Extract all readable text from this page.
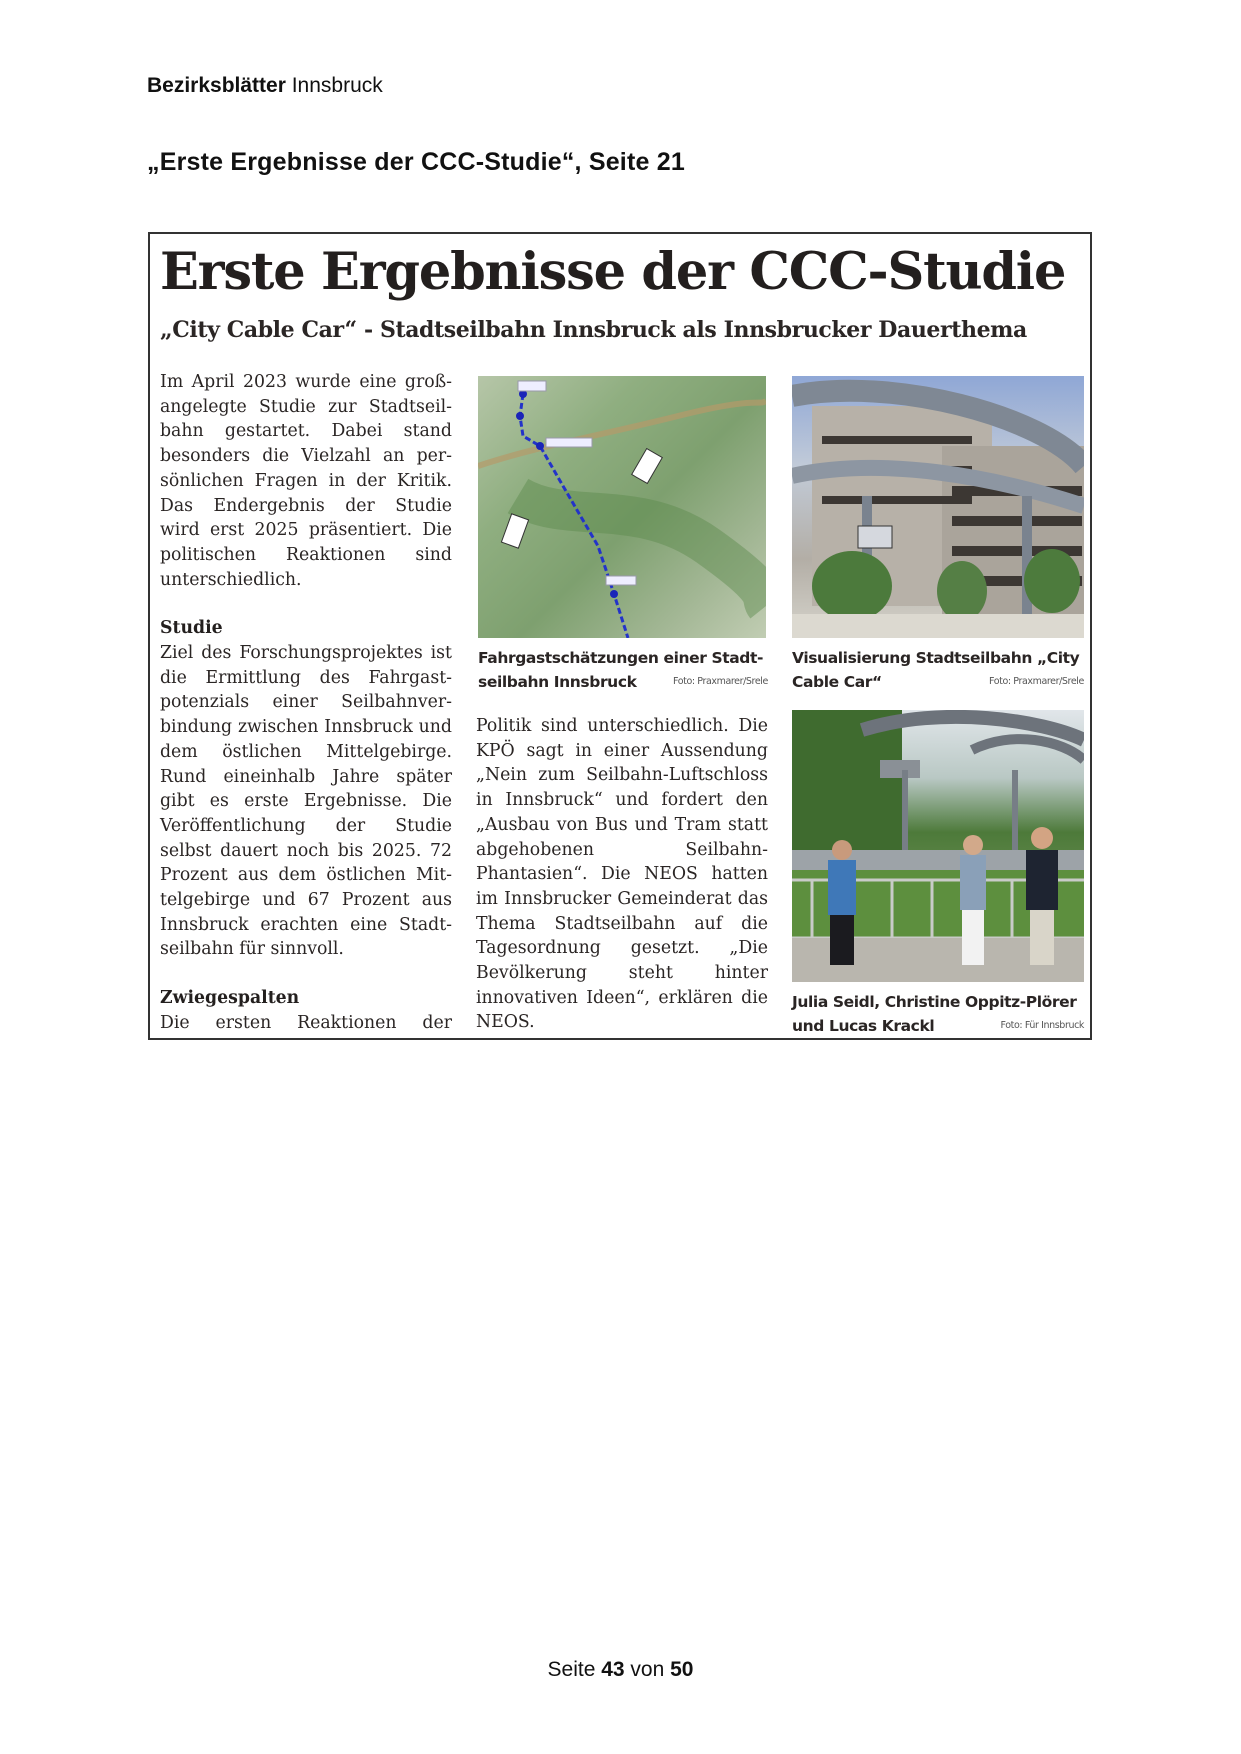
Bezirksblätter Innsbruck
„Erste Ergebnisse der CCC-Studie“, Seite 21
Erste Ergebnisse der CCC-Studie
„City Cable Car“ - Stadtseilbahn Innsbruck als Innsbrucker Dauerthema

Im April 2023 wurde eine großangelegte Studie zur Stadtseilbahn gestartet. Dabei stand besonders die Vielzahl an persönlichen Fragen in der Kritik. Das Endergebnis der Studie wird erst 2025 präsentiert. Die politischen Reaktionen sind unterschiedlich.

Studie

Ziel des Forschungsprojektes ist die Ermittlung des Fahrgastpotenzials einer Seilbahnverbindung zwischen Innsbruck und dem östlichen Mittelgebirge. Rund eineinhalb Jahre später gibt es erste Ergebnisse. Die Veröffentlichung der Studie selbst dauert noch bis 2025. 72 Prozent aus dem östlichen Mittelgebirge und 67 Prozent aus Innsbruck erachten eine Stadtseilbahn für sinnvoll.

Zwiegespalten

Die ersten Reaktionen der

Fahrgastschätzungen einer Stadtseilbahn Innsbruck	Foto: Praxmarer/Srele
Visualisierung Stadtseilbahn „City Cable Car“	Foto: Praxmarer/Srele

Politik sind unterschiedlich. Die KPÖ sagt in einer Aussendung „Nein zum Seilbahn-Luftschloss in Innsbruck“ und fordert den „Ausbau von Bus und Tram statt abgehobenen Seilbahn-Phantasien“. Die NEOS hatten im Innsbrucker Gemeinderat das Thema Stadtseilbahn auf die Tagesordnung gesetzt. „Die Bevölkerung steht hinter innovativen Ideen“, erklären die NEOS.

Julia Seidl, Christine Oppitz-Plörer und Lucas Krackl	Foto: Für Innsbruck
Seite 43 von 50
